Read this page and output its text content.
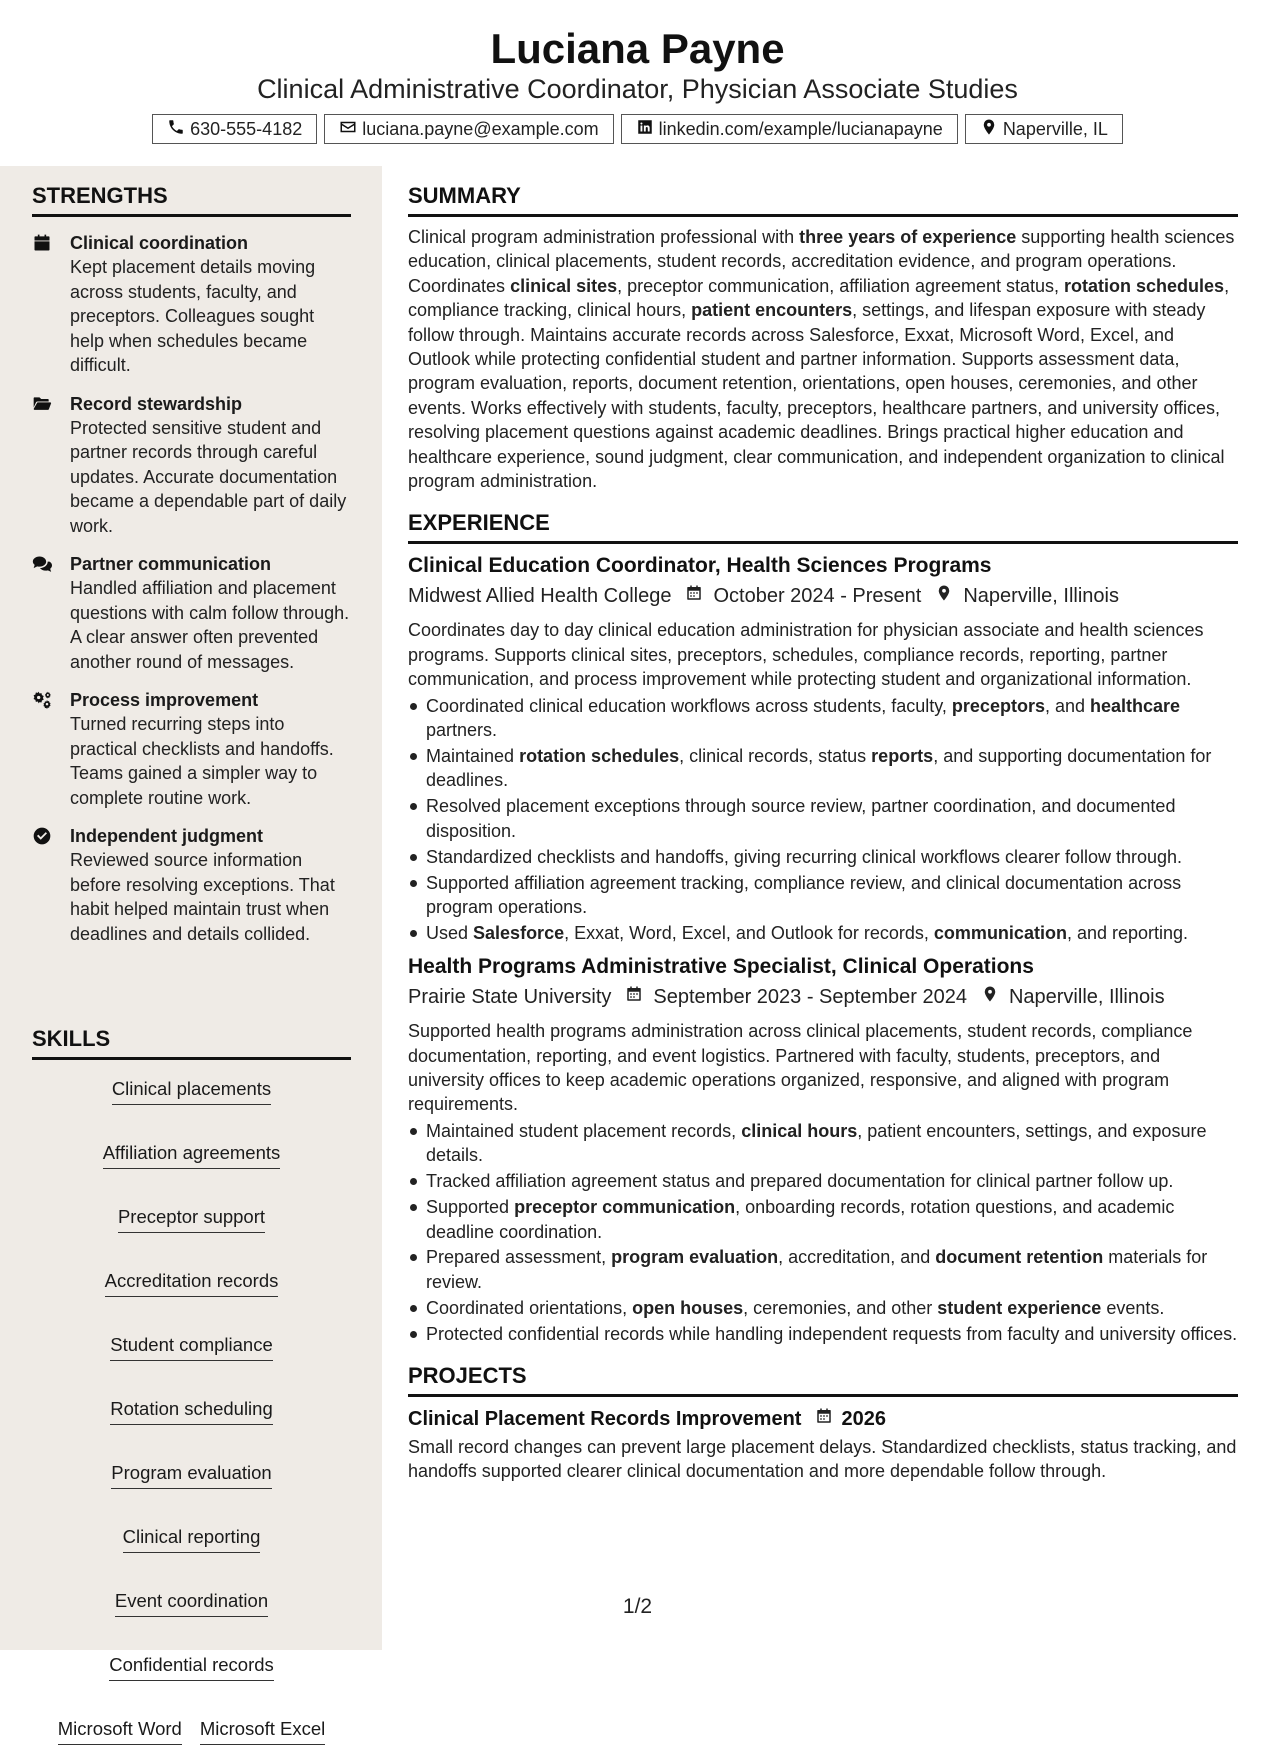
Luciana Payne
Clinical Administrative Coordinator, Physician Associate Studies
630-555-4182	luciana.payne@example.com	linkedin.com/example/lucianapayne	Naperville, IL
STRENGTHS
Clinical coordination
Kept placement details moving across students, faculty, and preceptors. Colleagues sought help when schedules became difficult.
Record stewardship
Protected sensitive student and partner records through careful updates. Accurate documentation became a dependable part of daily work.
Partner communication
Handled affiliation and placement questions with calm follow through. A clear answer often prevented another round of messages.
Process improvement
Turned recurring steps into practical checklists and handoffs. Teams gained a simpler way to complete routine work.
Independent judgment
Reviewed source information before resolving exceptions. That habit helped maintain trust when deadlines and details collided.
SKILLS
Clinical placements
Affiliation agreements
Preceptor support
Accreditation records
Student compliance
Rotation scheduling
Program evaluation
Clinical reporting
Event coordination
Confidential records
Microsoft Word Microsoft Excel
SUMMARY
Clinical program administration professional with three years of experience supporting health sciences education, clinical placements, student records, accreditation evidence, and program operations. Coordinates clinical sites, preceptor communication, affiliation agreement status, rotation schedules, compliance tracking, clinical hours, patient encounters, settings, and lifespan exposure with steady follow through. Maintains accurate records across Salesforce, Exxat, Microsoft Word, Excel, and Outlook while protecting confidential student and partner information. Supports assessment data, program evaluation, reports, document retention, orientations, open houses, ceremonies, and other events. Works effectively with students, faculty, preceptors, healthcare partners, and university offices, resolving placement questions against academic deadlines. Brings practical higher education and healthcare experience, sound judgment, clear communication, and independent organization to clinical program administration.
EXPERIENCE
Clinical Education Coordinator, Health Sciences Programs
Midwest Allied Health College October 2024 - Present Naperville, Illinois
Coordinates day to day clinical education administration for physician associate and health sciences programs. Supports clinical sites, preceptors, schedules, compliance records, reporting, partner communication, and process improvement while protecting student and organizational information.
Coordinated clinical education workflows across students, faculty, preceptors, and healthcare partners.
Maintained rotation schedules, clinical records, status reports, and supporting documentation for deadlines.
Resolved placement exceptions through source review, partner coordination, and documented disposition.
Standardized checklists and handoffs, giving recurring clinical workflows clearer follow through.
Supported affiliation agreement tracking, compliance review, and clinical documentation across program operations.
Used Salesforce, Exxat, Word, Excel, and Outlook for records, communication, and reporting.
Health Programs Administrative Specialist, Clinical Operations
Prairie State University September 2023 - September 2024 Naperville, Illinois
Supported health programs administration across clinical placements, student records, compliance documentation, reporting, and event logistics. Partnered with faculty, students, preceptors, and university offices to keep academic operations organized, responsive, and aligned with program requirements.
Maintained student placement records, clinical hours, patient encounters, settings, and exposure details.
Tracked affiliation agreement status and prepared documentation for clinical partner follow up.
Supported preceptor communication, onboarding records, rotation questions, and academic deadline coordination.
Prepared assessment, program evaluation, accreditation, and document retention materials for review.
Coordinated orientations, open houses, ceremonies, and other student experience events.
Protected confidential records while handling independent requests from faculty and university offices.
PROJECTS
Clinical Placement Records Improvement 2026
Small record changes can prevent large placement delays. Standardized checklists, status tracking, and handoffs supported clearer clinical documentation and more dependable follow through.
1/2
